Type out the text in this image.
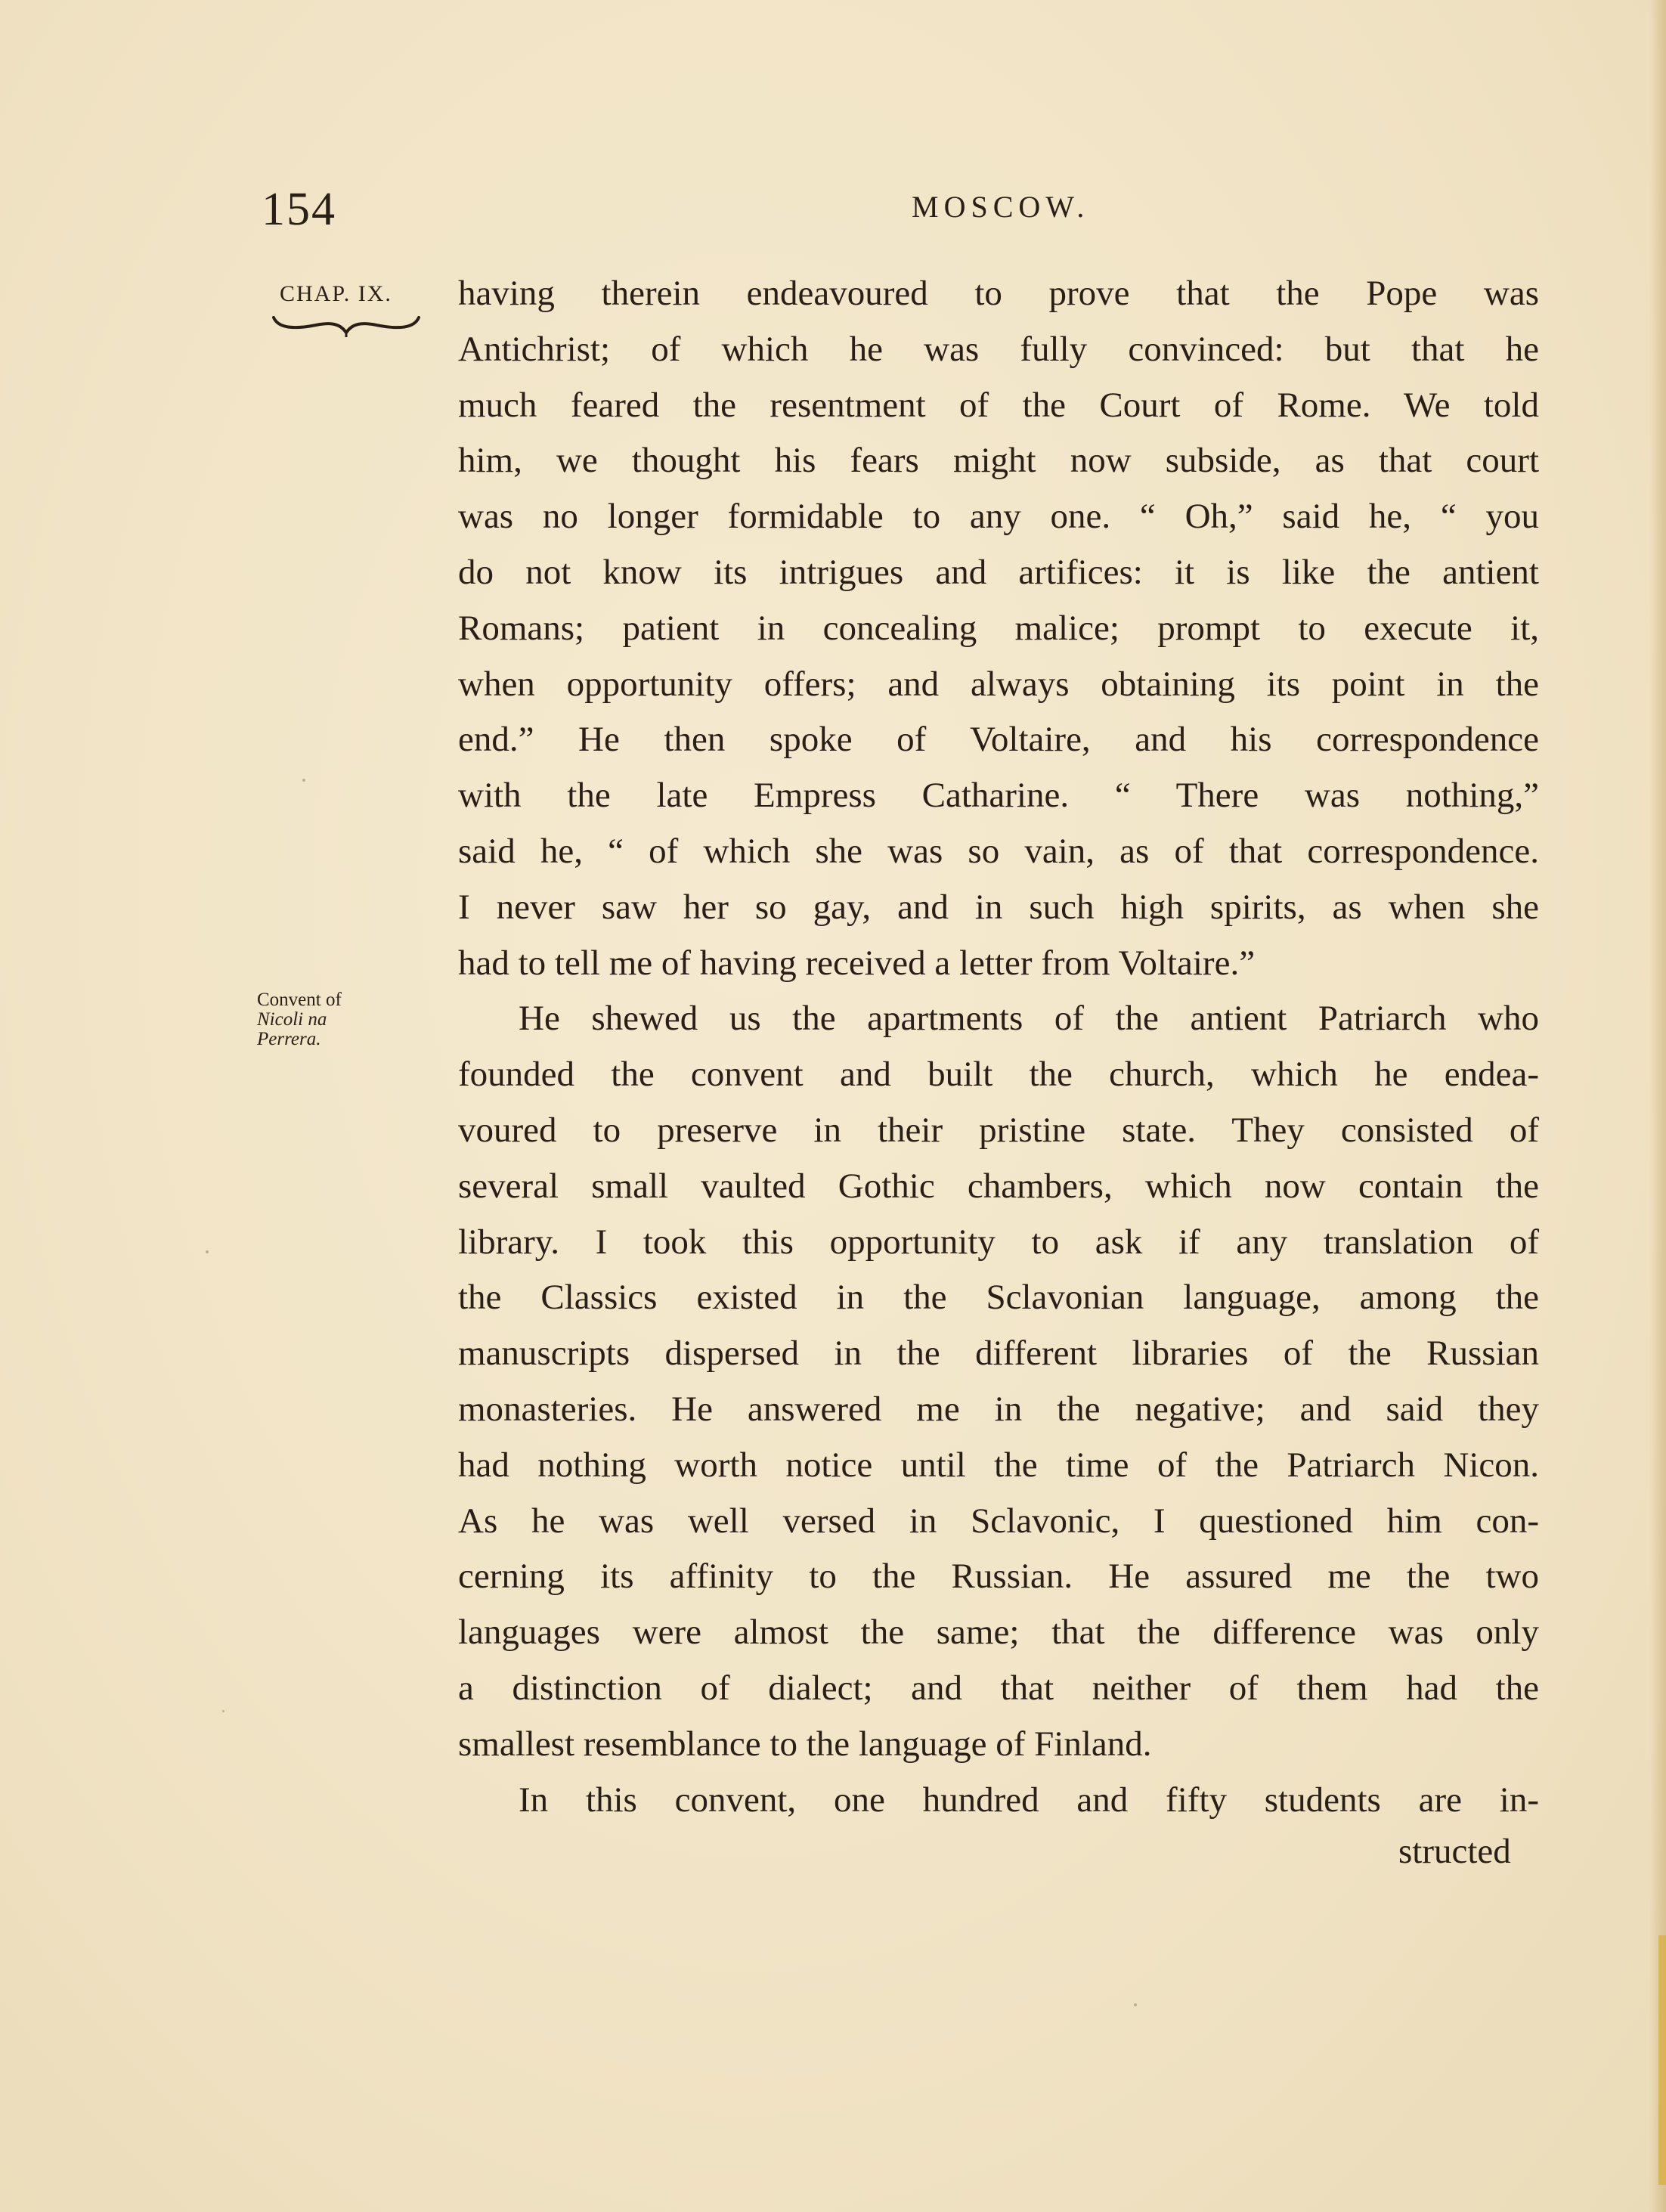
154	MOSCOW.
CHAP. IX.
Convent of
Nicoli na
Perrera.
having therein endeavoured to prove that the Pope was
Antichrist; of which he was fully convinced: but that he
much feared the resentment of the Court of Rome. We told
him, we thought his fears might now subside, as that court
was no longer formidable to any one. “ Oh,” said he, “ you
do not know its intrigues and artifices: it is like the antient
Romans; patient in concealing malice; prompt to execute it,
when opportunity offers; and always obtaining its point in the
end.” He then spoke of Voltaire, and his correspondence
with the late Empress Catharine. “ There was nothing,”
said he, “ of which she was so vain, as of that correspondence.
I never saw her so gay, and in such high spirits, as when she
had to tell me of having received a letter from Voltaire.”
He shewed us the apartments of the antient Patriarch who
founded the convent and built the church, which he endea-
voured to preserve in their pristine state. They consisted of
several small vaulted Gothic chambers, which now contain the
library. I took this opportunity to ask if any translation of
the Classics existed in the Sclavonian language, among the
manuscripts dispersed in the different libraries of the Russian
monasteries. He answered me in the negative; and said they
had nothing worth notice until the time of the Patriarch Nicon.
As he was well versed in Sclavonic, I questioned him con-
cerning its affinity to the Russian. He assured me the two
languages were almost the same; that the difference was only
a distinction of dialect; and that neither of them had the
smallest resemblance to the language of Finland.
In this convent, one hundred and fifty students are in-
structed
